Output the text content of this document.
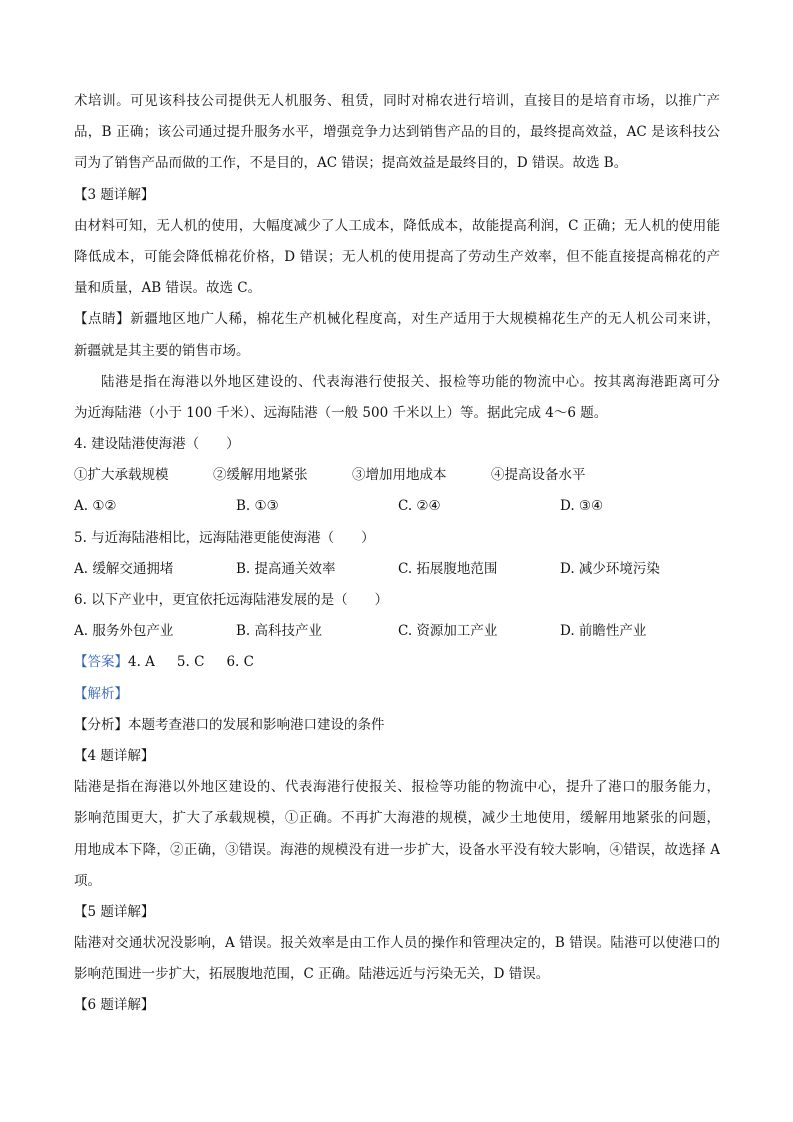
术培训。可见该科技公司提供无人机服务、租赁，同时对棉农进行培训，直接目的是培育市场，以推广产
品，B 正确；该公司通过提升服务水平，增强竞争力达到销售产品的目的，最终提高效益，AC 是该科技公
司为了销售产品而做的工作，不是目的，AC 错误；提高效益是最终目的，D 错误。故选 B。
【3 题详解】
由材料可知，无人机的使用，大幅度减少了人工成本，降低成本，故能提高利润，C 正确；无人机的使用能
降低成本，可能会降低棉花价格，D 错误；无人机的使用提高了劳动生产效率，但不能直接提高棉花的产
量和质量，AB 错误。故选 C。
【点睛】新疆地区地广人稀，棉花生产机械化程度高，对生产适用于大规模棉花生产的无人机公司来讲，
新疆就是其主要的销售市场。
陆港是指在海港以外地区建设的、代表海港行使报关、报检等功能的物流中心。按其离海港距离可分
为近海陆港（小于 100 千米）、远海陆港（一般 500 千米以上）等。据此完成 4～6 题。
4. 建设陆港使海港（　　）
①扩大承载规模	②缓解用地紧张	③增加用地成本	④提高设备水平
A. ①②	B. ①③	C. ②④	D. ③④
5. 与近海陆港相比，远海陆港更能使海港（　　）
A. 缓解交通拥堵	B. 提高通关效率	C. 拓展腹地范围	D. 减少环境污染
6. 以下产业中，更宜依托远海陆港发展的是（　　）
A. 服务外包产业	B. 高科技产业	C. 资源加工产业	D. 前瞻性产业
【答案】4. A 5. C 6. C
【解析】
【分析】本题考查港口的发展和影响港口建设的条件
【4 题详解】
陆港是指在海港以外地区建设的、代表海港行使报关、报检等功能的物流中心，提升了港口的服务能力，
影响范围更大，扩大了承载规模，①正确。不再扩大海港的规模，减少土地使用，缓解用地紧张的问题，
用地成本下降，②正确，③错误。海港的规模没有进一步扩大，设备水平没有较大影响，④错误，故选择 A
项。
【5 题详解】
陆港对交通状况没影响，A 错误。报关效率是由工作人员的操作和管理决定的，B 错误。陆港可以使港口的
影响范围进一步扩大，拓展腹地范围，C 正确。陆港远近与污染无关，D 错误。
【6 题详解】
